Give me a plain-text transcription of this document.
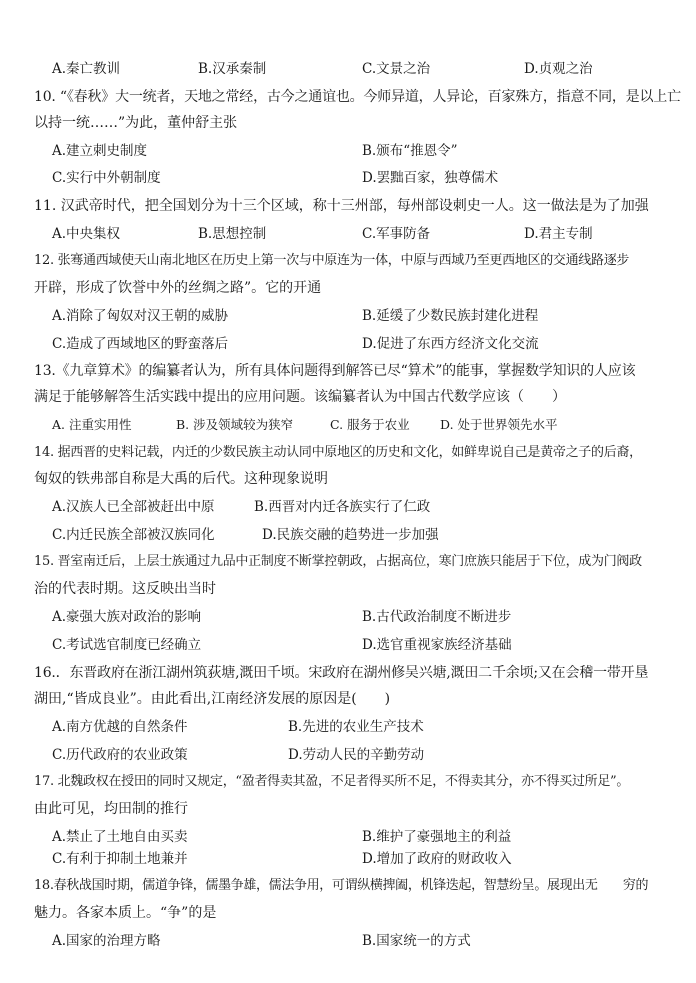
A.秦亡教训	B.汉承秦制	C.文景之治	D.贞观之治
10. “《春秋》大一统者，天地之常经，古今之通谊也。今师异道，人异论，百家殊方，指意不同，是以上亡
以持一统……”为此，董仲舒主张
A.建立刺史制度	B.颁布“推恩令”
C.实行中外朝制度	D.罢黜百家，独尊儒术
11. 汉武帝时代，把全国划分为十三个区域，称十三州部，每州部设刺史一人。这一做法是为了加强
A.中央集权	B.思想控制	C.军事防备	D.君主专制
12. 张骞通西域使天山南北地区在历史上第一次与中原连为一体，中原与西域乃至更西地区的交通线路逐步
开辟，形成了饮誉中外的丝绸之路”。它的开通
A.消除了匈奴对汉王朝的威胁	B.延缓了少数民族封建化进程
C.造成了西域地区的野蛮落后	D.促进了东西方经济文化交流
13.《九章算术》的编纂者认为，所有具体问题得到解答已尽“算术”的能事，掌握数学知识的人应该
满足于能够解答生活实践中提出的应用问题。该编纂者认为中国古代数学应该（　　）
A. 注重实用性	B. 涉及领域较为狭窄	C. 服务于农业 D. 处于世界领先水平
14. 据西晋的史料记载，内迁的少数民族主动认同中原地区的历史和文化，如鲜卑说自己是黄帝之子的后裔，
匈奴的铁弗部自称是大禹的后代。这种现象说明
A.汉族人已全部被赶出中原	B.西晋对内迁各族实行了仁政
C.内迁民族全部被汉族同化	D.民族交融的趋势进一步加强
15. 晋室南迁后，上层士族通过九品中正制度不断掌控朝政，占据高位，寒门庶族只能居于下位，成为门阀政
治的代表时期。这反映出当时
A.豪强大族对政治的影响	B.古代政治制度不断进步
C.考试选官制度已经确立	D.选官重视家族经济基础
16.．东晋政府在浙江湖州筑荻塘,溉田千顷。宋政府在湖州修吴兴塘,溉田二千余顷;又在会稽一带开垦
湖田,“皆成良业”。由此看出,江南经济发展的原因是(　　)
A.南方优越的自然条件	B.先进的农业生产技术
C.历代政府的农业政策	D.劳动人民的辛勤劳动
17. 北魏政权在授田的同时又规定，“盈者得卖其盈，不足者得买所不足，不得卖其分，亦不得买过所足”。
由此可见，均田制的推行
A.禁止了土地自由买卖	B.维护了豪强地主的利益
C.有利于抑制土地兼并	D.增加了政府的财政收入
18.春秋战国时期，儒道争锋，儒墨争雄，儒法争用，可谓纵横捭阖，机锋迭起，智慧纷呈。展现出无　　穷的
魅力。各家本质上。“争”的是
A.国家的治理方略	B.国家统一的方式
